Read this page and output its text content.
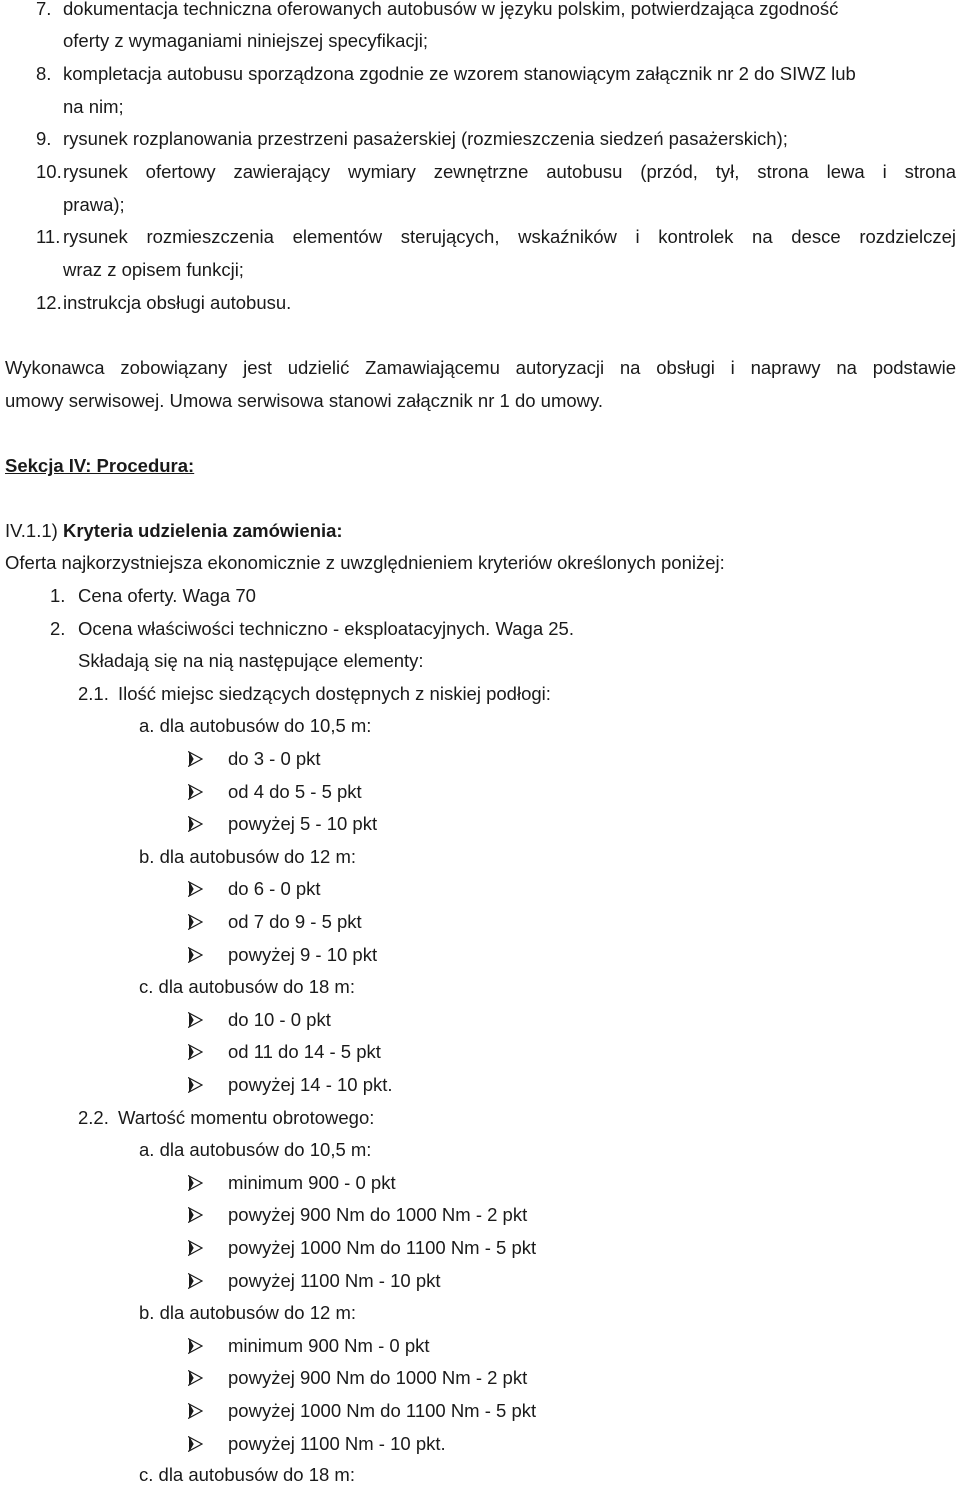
7. dokumentacja techniczna oferowanych autobusów w języku polskim, potwierdzająca zgodność
oferty z wymaganiami niniejszej specyfikacji;
8. kompletacja autobusu sporządzona zgodnie ze wzorem stanowiącym załącznik nr 2 do SIWZ lub
na nim;
9. rysunek rozplanowania przestrzeni pasażerskiej (rozmieszczenia siedzeń pasażerskich);
10. rysunek ofertowy zawierający wymiary zewnętrzne autobusu (przód, tył, strona lewa i strona
prawa);
11. rysunek rozmieszczenia elementów sterujących, wskaźników i kontrolek na desce rozdzielczej
wraz z opisem funkcji;
12. instrukcja obsługi autobusu.
Wykonawca zobowiązany jest udzielić Zamawiającemu autoryzacji na obsługi i naprawy na podstawie
umowy serwisowej. Umowa serwisowa stanowi załącznik nr 1 do umowy.
Sekcja IV: Procedura:
IV.1.1) Kryteria udzielenia zamówienia:
Oferta najkorzystniejsza ekonomicznie z uwzględnieniem kryteriów określonych poniżej:
1. Cena oferty. Waga 70
2. Ocena właściwości techniczno - eksploatacyjnych. Waga 25.
Składają się na nią następujące elementy:
2.1. Ilość miejsc siedzących dostępnych z niskiej podłogi:
a. dla autobusów do 10,5 m:
do 3 - 0 pkt
od 4 do 5 - 5 pkt
powyżej 5 - 10 pkt
b. dla autobusów do 12 m:
do 6 - 0 pkt
od 7 do 9 - 5 pkt
powyżej 9 - 10 pkt
c. dla autobusów do 18 m:
do 10 - 0 pkt
od 11 do 14 - 5 pkt
powyżej 14 - 10 pkt.
2.2. Wartość momentu obrotowego:
a. dla autobusów do 10,5 m:
minimum 900 - 0 pkt
powyżej 900 Nm do 1000 Nm - 2 pkt
powyżej 1000 Nm do 1100 Nm - 5 pkt
powyżej 1100 Nm - 10 pkt
b. dla autobusów do 12 m:
minimum 900 Nm - 0 pkt
powyżej 900 Nm do 1000 Nm - 2 pkt
powyżej 1000 Nm do 1100 Nm - 5 pkt
powyżej 1100 Nm - 10 pkt.
c. dla autobusów do 18 m:
